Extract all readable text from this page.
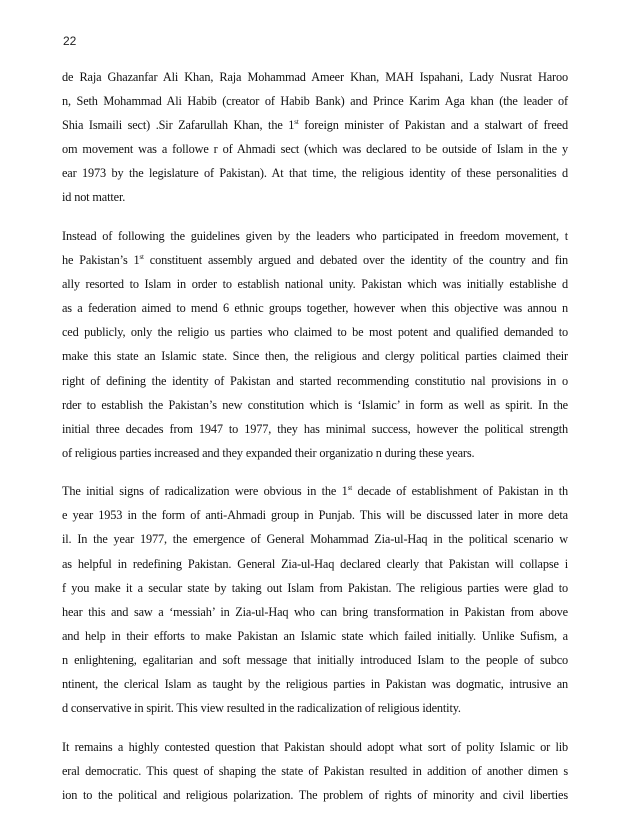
22
de Raja Ghazanfar Ali Khan, Raja Mohammad Ameer Khan, MAH Ispahani, Lady Nusrat Haroo
n, Seth Mohammad Ali Habib (creator of Habib Bank) and Prince Karim Aga khan (the leader of
Shia Ismaili sect) .Sir Zafarullah Khan, the 1st foreign minister of Pakistan and a stalwart of freed
om movement was a followe r of Ahmadi sect (which was declared to be outside of Islam in the y
ear 1973 by the legislature of Pakistan). At that time, the religious identity of these personalities d
id not matter.
Instead of following the guidelines given by the leaders who participated in freedom movement, t
he Pakistan’s 1st constituent assembly argued and debated over the identity of the country and fin
ally resorted to Islam in order to establish national unity. Pakistan which was initially establishe d
as a federation aimed to mend 6 ethnic groups together, however when this objective was annou n
ced publicly, only the religio us parties who claimed to be most potent and qualified demanded to
make this state an Islamic state. Since then, the religious and clergy political parties claimed their
right of defining the identity of Pakistan and started recommending constitutio nal provisions in o
rder to establish the Pakistan’s new constitution which is ‘Islamic’ in form as well as spirit. In the
initial three decades from 1947 to 1977, they has minimal success, however the political strength
of religious parties increased and they expanded their organizatio n during these years.
The initial signs of radicalization were obvious in the 1st decade of establishment of Pakistan in th
e year 1953 in the form of anti-Ahmadi group in Punjab. This will be discussed later in more deta
il. In the year 1977, the emergence of General Mohammad Zia-ul-Haq in the political scenario w
as helpful in redefining Pakistan. General Zia-ul-Haq declared clearly that Pakistan will collapse i
f you make it a secular state by taking out Islam from Pakistan. The religious parties were glad to
hear this and saw a ‘messiah’ in Zia-ul-Haq who can bring transformation in Pakistan from above
and help in their efforts to make Pakistan an Islamic state which failed initially. Unlike Sufism, a
n enlightening, egalitarian and soft message that initially introduced Islam to the people of subco
ntinent, the clerical Islam as taught by the religious parties in Pakistan was dogmatic, intrusive an
d conservative in spirit. This view resulted in the radicalization of religious identity.
It remains a highly contested question that Pakistan should adopt what sort of polity Islamic or lib
eral democratic. This quest of shaping the state of Pakistan resulted in addition of another dimen s
ion to the political and religious polarization. The problem of rights of minority and civil liberties
